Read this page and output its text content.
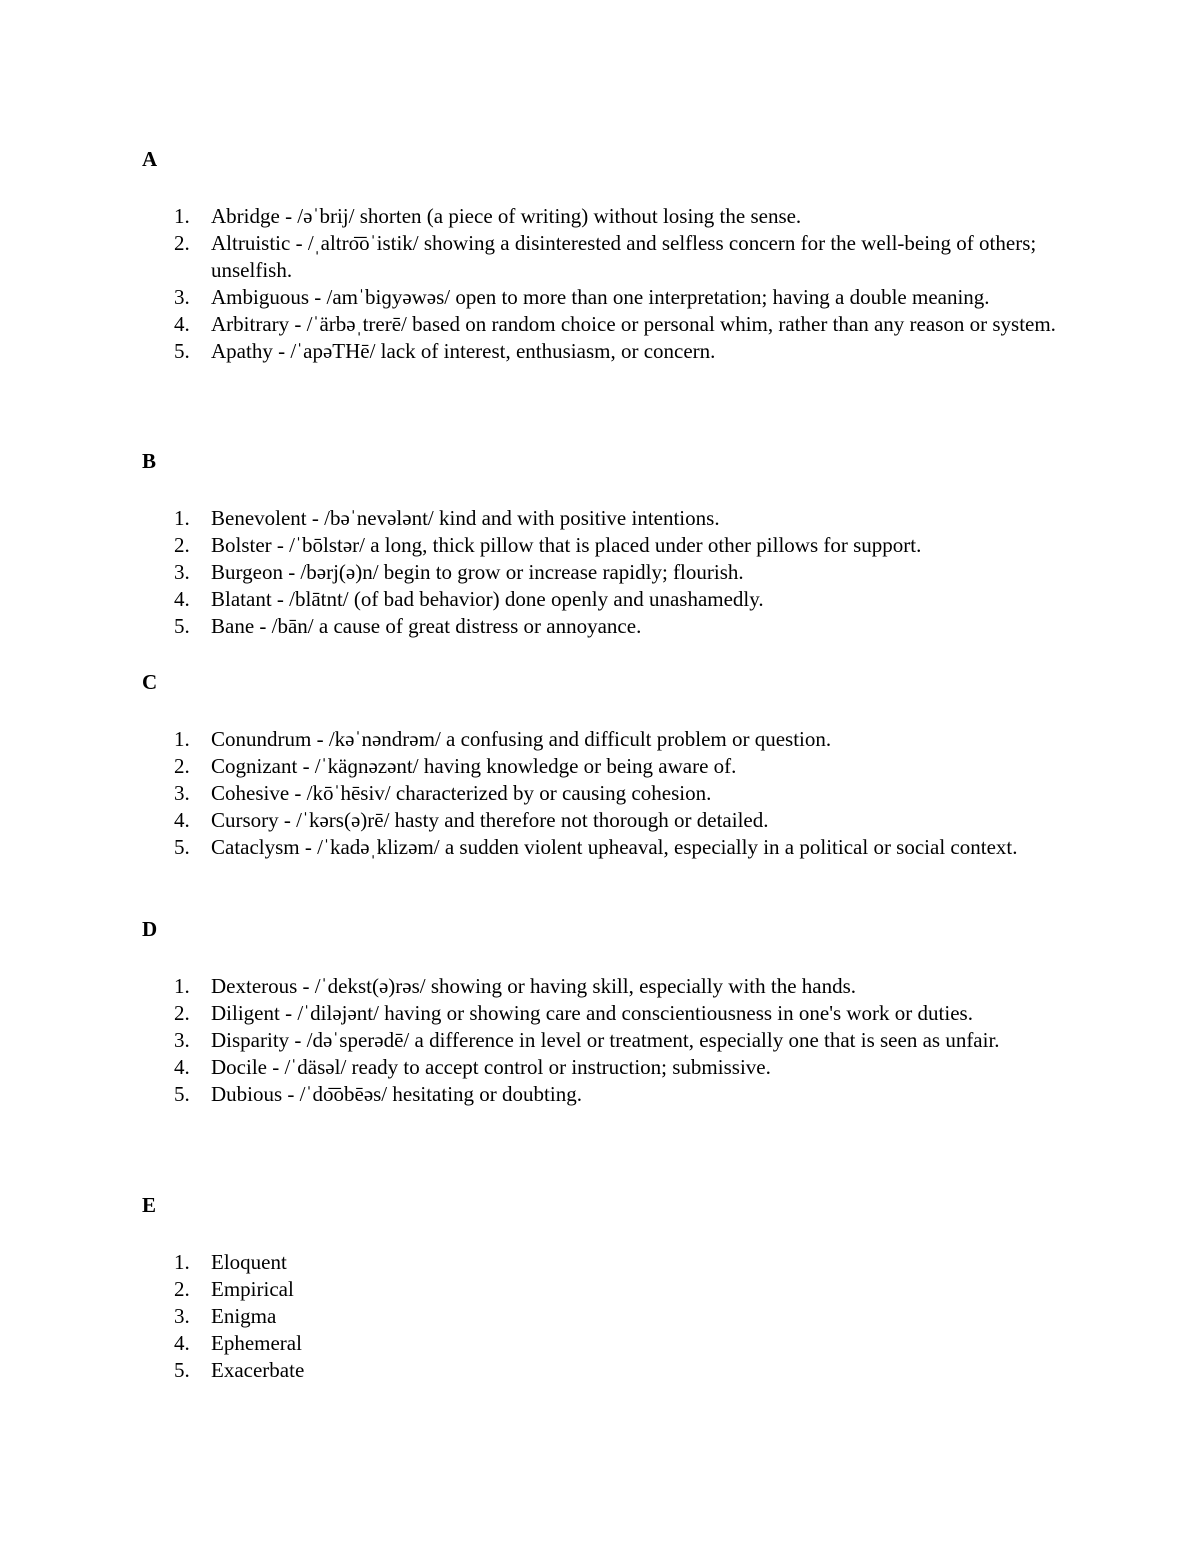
A
1. Abridge - /əˈbrij/ shorten (a piece of writing) without losing the sense.
2. Altruistic - /ˌaltro͞oˈistik/ showing a disinterested and selfless concern for the well-being of others; unselfish.
3. Ambiguous - /amˈbiɡyəwəs/ open to more than one interpretation; having a double meaning.
4. Arbitrary - /ˈärbəˌtrerē/ based on random choice or personal whim, rather than any reason or system.
5. Apathy - /ˈapəTHē/ lack of interest, enthusiasm, or concern.
B
1. Benevolent - /bəˈnevələnt/ kind and with positive intentions.
2. Bolster - /ˈbōlstər/ a long, thick pillow that is placed under other pillows for support.
3. Burgeon - /bərj(ə)n/ begin to grow or increase rapidly; flourish.
4. Blatant - /blātnt/ (of bad behavior) done openly and unashamedly.
5. Bane - /bān/ a cause of great distress or annoyance.
C
1. Conundrum - /kəˈnəndrəm/ a confusing and difficult problem or question.
2. Cognizant - /ˈkäɡnəzənt/ having knowledge or being aware of.
3. Cohesive - /kōˈhēsiv/ characterized by or causing cohesion.
4. Cursory - /ˈkərs(ə)rē/ hasty and therefore not thorough or detailed.
5. Cataclysm - /ˈkadəˌklizəm/ a sudden violent upheaval, especially in a political or social context.
D
1. Dexterous - /ˈdekst(ə)rəs/ showing or having skill, especially with the hands.
2. Diligent - /ˈdiləjənt/ having or showing care and conscientiousness in one's work or duties.
3. Disparity - /dəˈsperədē/ a difference in level or treatment, especially one that is seen as unfair.
4. Docile - /ˈdäsəl/ ready to accept control or instruction; submissive.
5. Dubious - /ˈdo͞obēəs/ hesitating or doubting.
E
1. Eloquent
2. Empirical
3. Enigma
4. Ephemeral
5. Exacerbate
